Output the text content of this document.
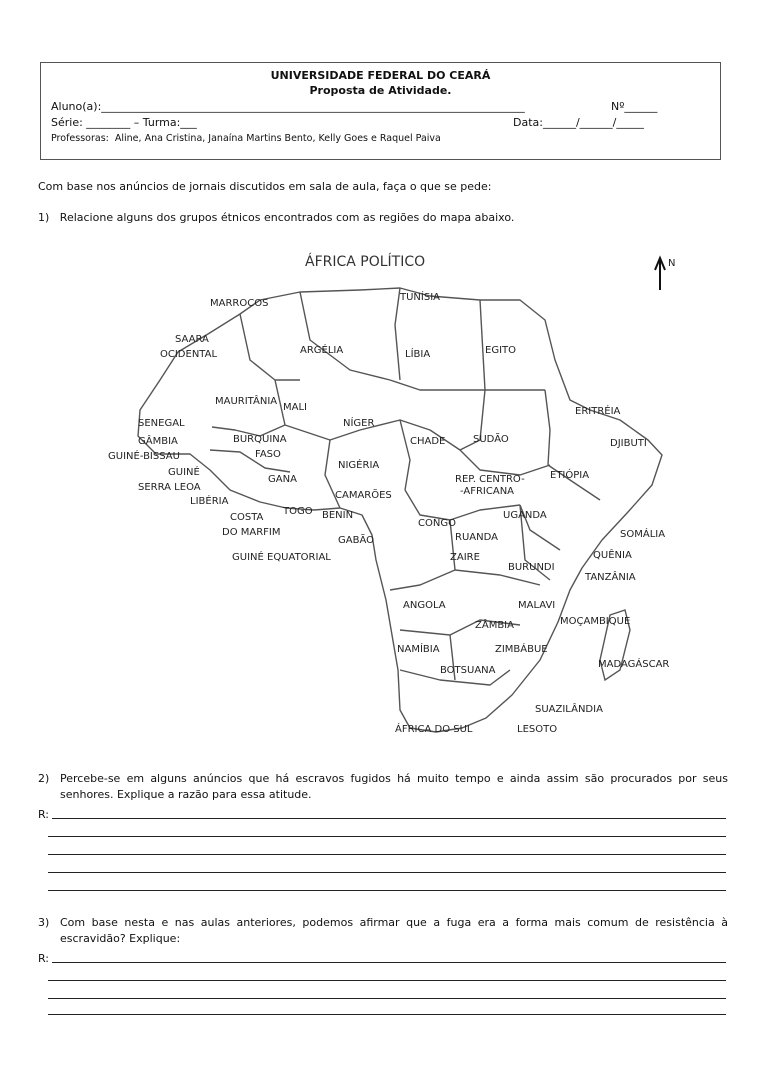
UNIVERSIDADE FEDERAL DO CEARÁ
Proposta de Atividade.
Aluno(a):_____________________________________________________________________________	Nº______
Série: ________ – Turma:___	Data:______/______/_____
Professoras:  Aline, Ana Cristina, Janaína Martins Bento, Kelly Goes e Raquel Paiva
Com base nos anúncios de jornais discutidos em sala de aula, faça o que se pede:
1) Relacione alguns dos grupos étnicos encontrados com as regiões do mapa abaixo.
N
ÁFRICA POLÍTICO
MARROCOS
TUNÍSIA
SAARA
OCIDENTAL	ARGÉLIA	LÍBIA	EGITO
MAURITÂNIA
MALI
NÍGER
ERITRÉIA
SENEGAL
GÂMBIA
GUINÉ-BISSAU
BURQUINA
FASO
CHADE	SUDÃO	DJIBUTI
GUINÉ
SERRA LEOA
LIBÉRIA
GANA
NIGÉRIA
REP. CENTRO-
-AFRICANA
ETIÓPIA
TOGO
CAMARÕES
COSTA
DO MARFIM
BENIN
CONGO
UGANDA
SOMÁLIA
GABÃO	RUANDA
QUÊNIA
GUINÉ EQUATORIAL	ZAIRE
BURUNDI
TANZÂNIA
ANGOLA	MALAVI
ZÂMBIA	MOÇAMBIQUE
NAMÍBIA	ZIMBÁBUE
MADAGÁSCAR
BOTSUANA
SUAZILÂNDIA
ÁFRICA DO SUL	LESOTO
2) Percebe-se em alguns anúncios que há escravos fugidos há muito tempo e ainda assim são procurados por seus senhores. Explique a razão para essa atitude.
R:
3) Com base nesta e nas aulas anteriores, podemos afirmar que a fuga era a forma mais comum de resistência à escravidão? Explique:
R:
